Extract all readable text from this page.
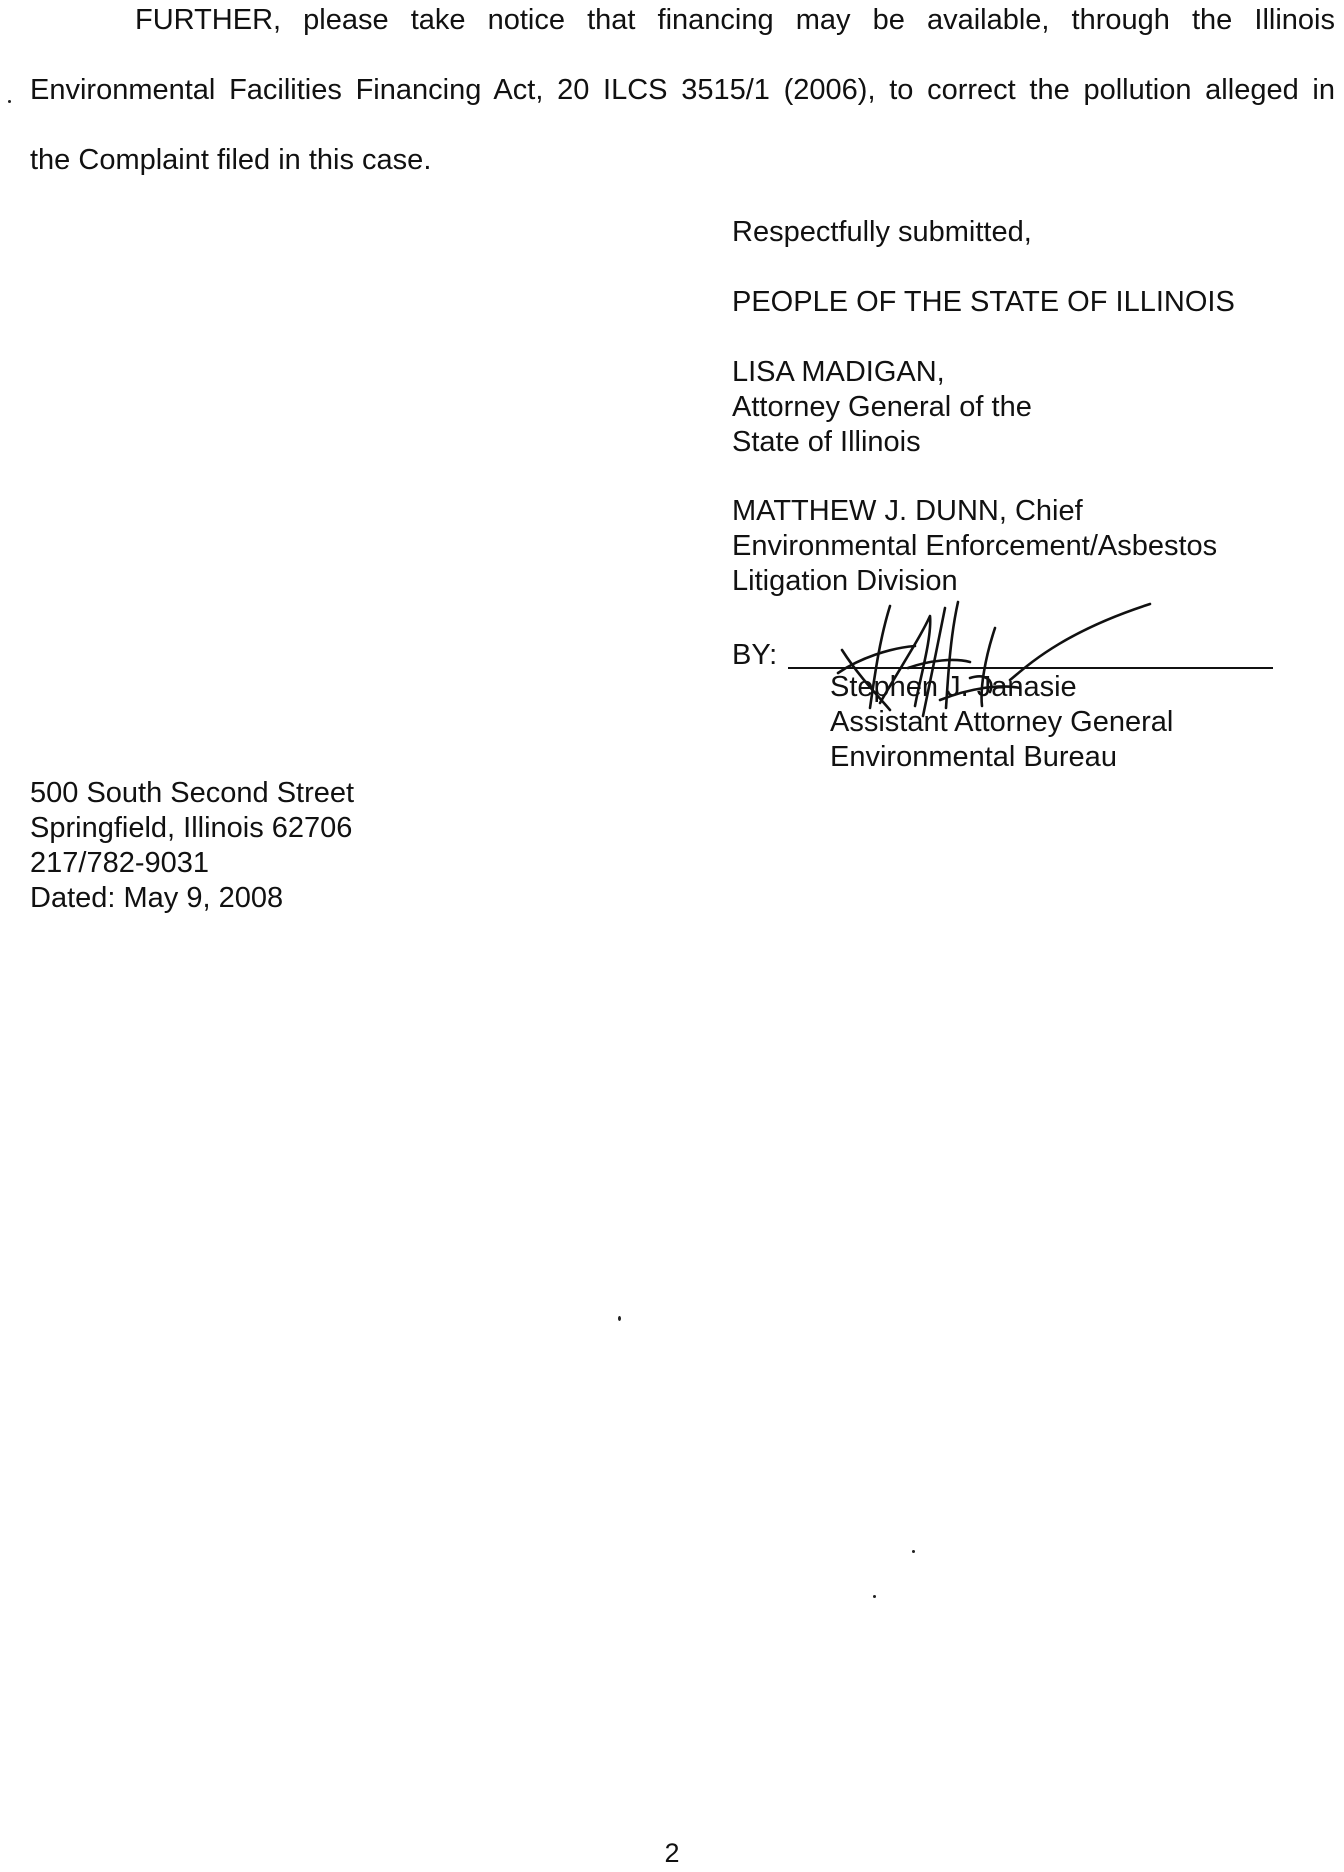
FURTHER, please take notice that financing may be available, through the Illinois

Environmental Facilities Financing Act, 20 ILCS 3515/1 (2006), to correct the pollution alleged in

the Complaint filed in this case.

Respectfully submitted,
PEOPLE OF THE STATE OF ILLINOIS
LISA MADIGAN,
Attorney General of the
State of Illinois
MATTHEW J. DUNN, Chief
Environmental Enforcement/Asbestos
Litigation Division
BY:
Stephen J. Janasie
Assistant Attorney General
Environmental Bureau
500 South Second Street
Springfield, Illinois 62706
217/782-9031
Dated: May 9, 2008
2
